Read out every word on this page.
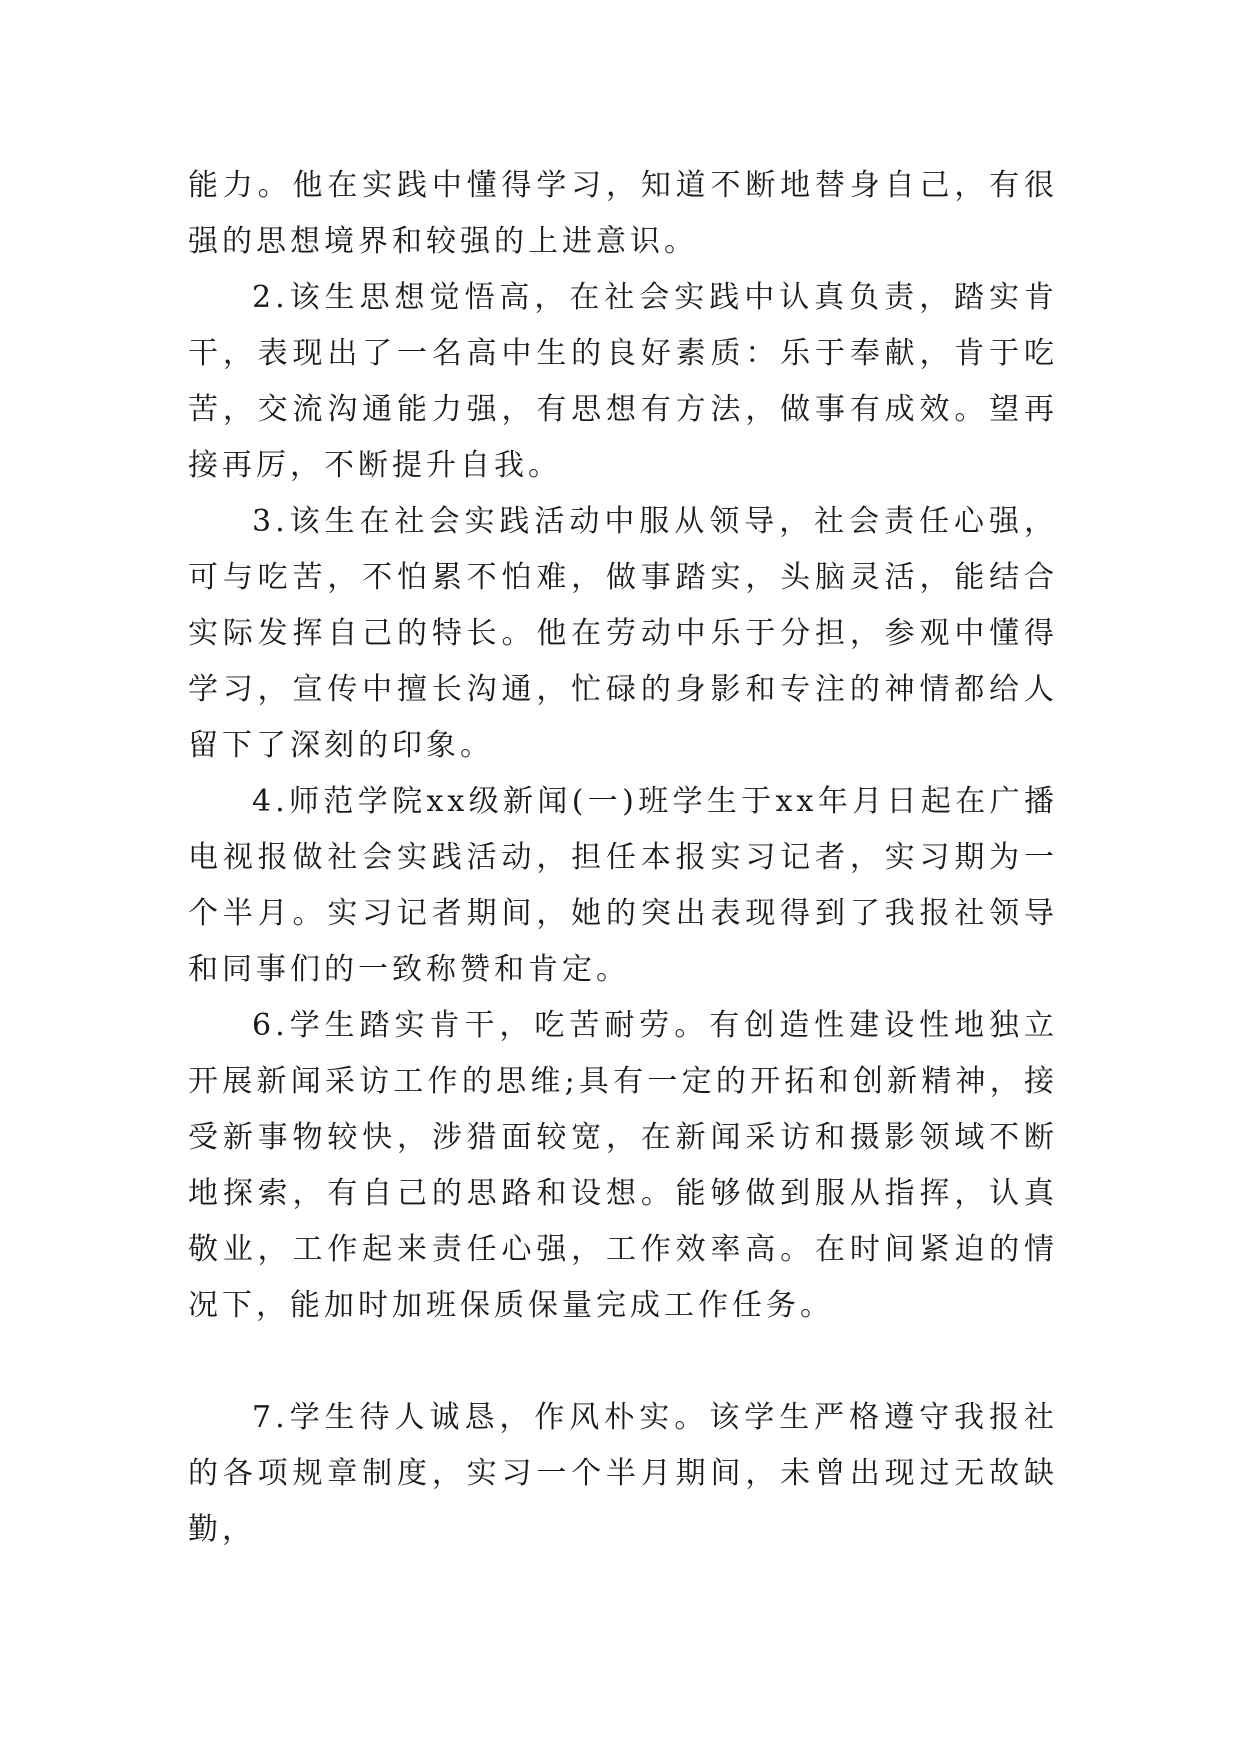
能力。他在实践中懂得学习，知道不断地替身自己，有很强的思想境界和较强的上进意识。

2.该生思想觉悟高，在社会实践中认真负责，踏实肯干，表现出了一名高中生的良好素质：乐于奉献，肯于吃苦，交流沟通能力强，有思想有方法，做事有成效。望再接再厉，不断提升自我。

3.该生在社会实践活动中服从领导，社会责任心强，可与吃苦，不怕累不怕难，做事踏实，头脑灵活，能结合实际发挥自己的特长。他在劳动中乐于分担，参观中懂得学习，宣传中擅长沟通，忙碌的身影和专注的神情都给人留下了深刻的印象。

4.师范学院xx级新闻(一)班学生于xx年月日起在广播电视报做社会实践活动，担任本报实习记者，实习期为一个半月。实习记者期间，她的突出表现得到了我报社领导和同事们的一致称赞和肯定。

6.学生踏实肯干，吃苦耐劳。有创造性建设性地独立开展新闻采访工作的思维;具有一定的开拓和创新精神，接受新事物较快，涉猎面较宽，在新闻采访和摄影领域不断地探索，有自己的思路和设想。能够做到服从指挥，认真敬业，工作起来责任心强，工作效率高。在时间紧迫的情况下，能加时加班保质保量完成工作任务。

7.学生待人诚恳，作风朴实。该学生严格遵守我报社的各项规章制度，实习一个半月期间，未曾出现过无故缺勤，
